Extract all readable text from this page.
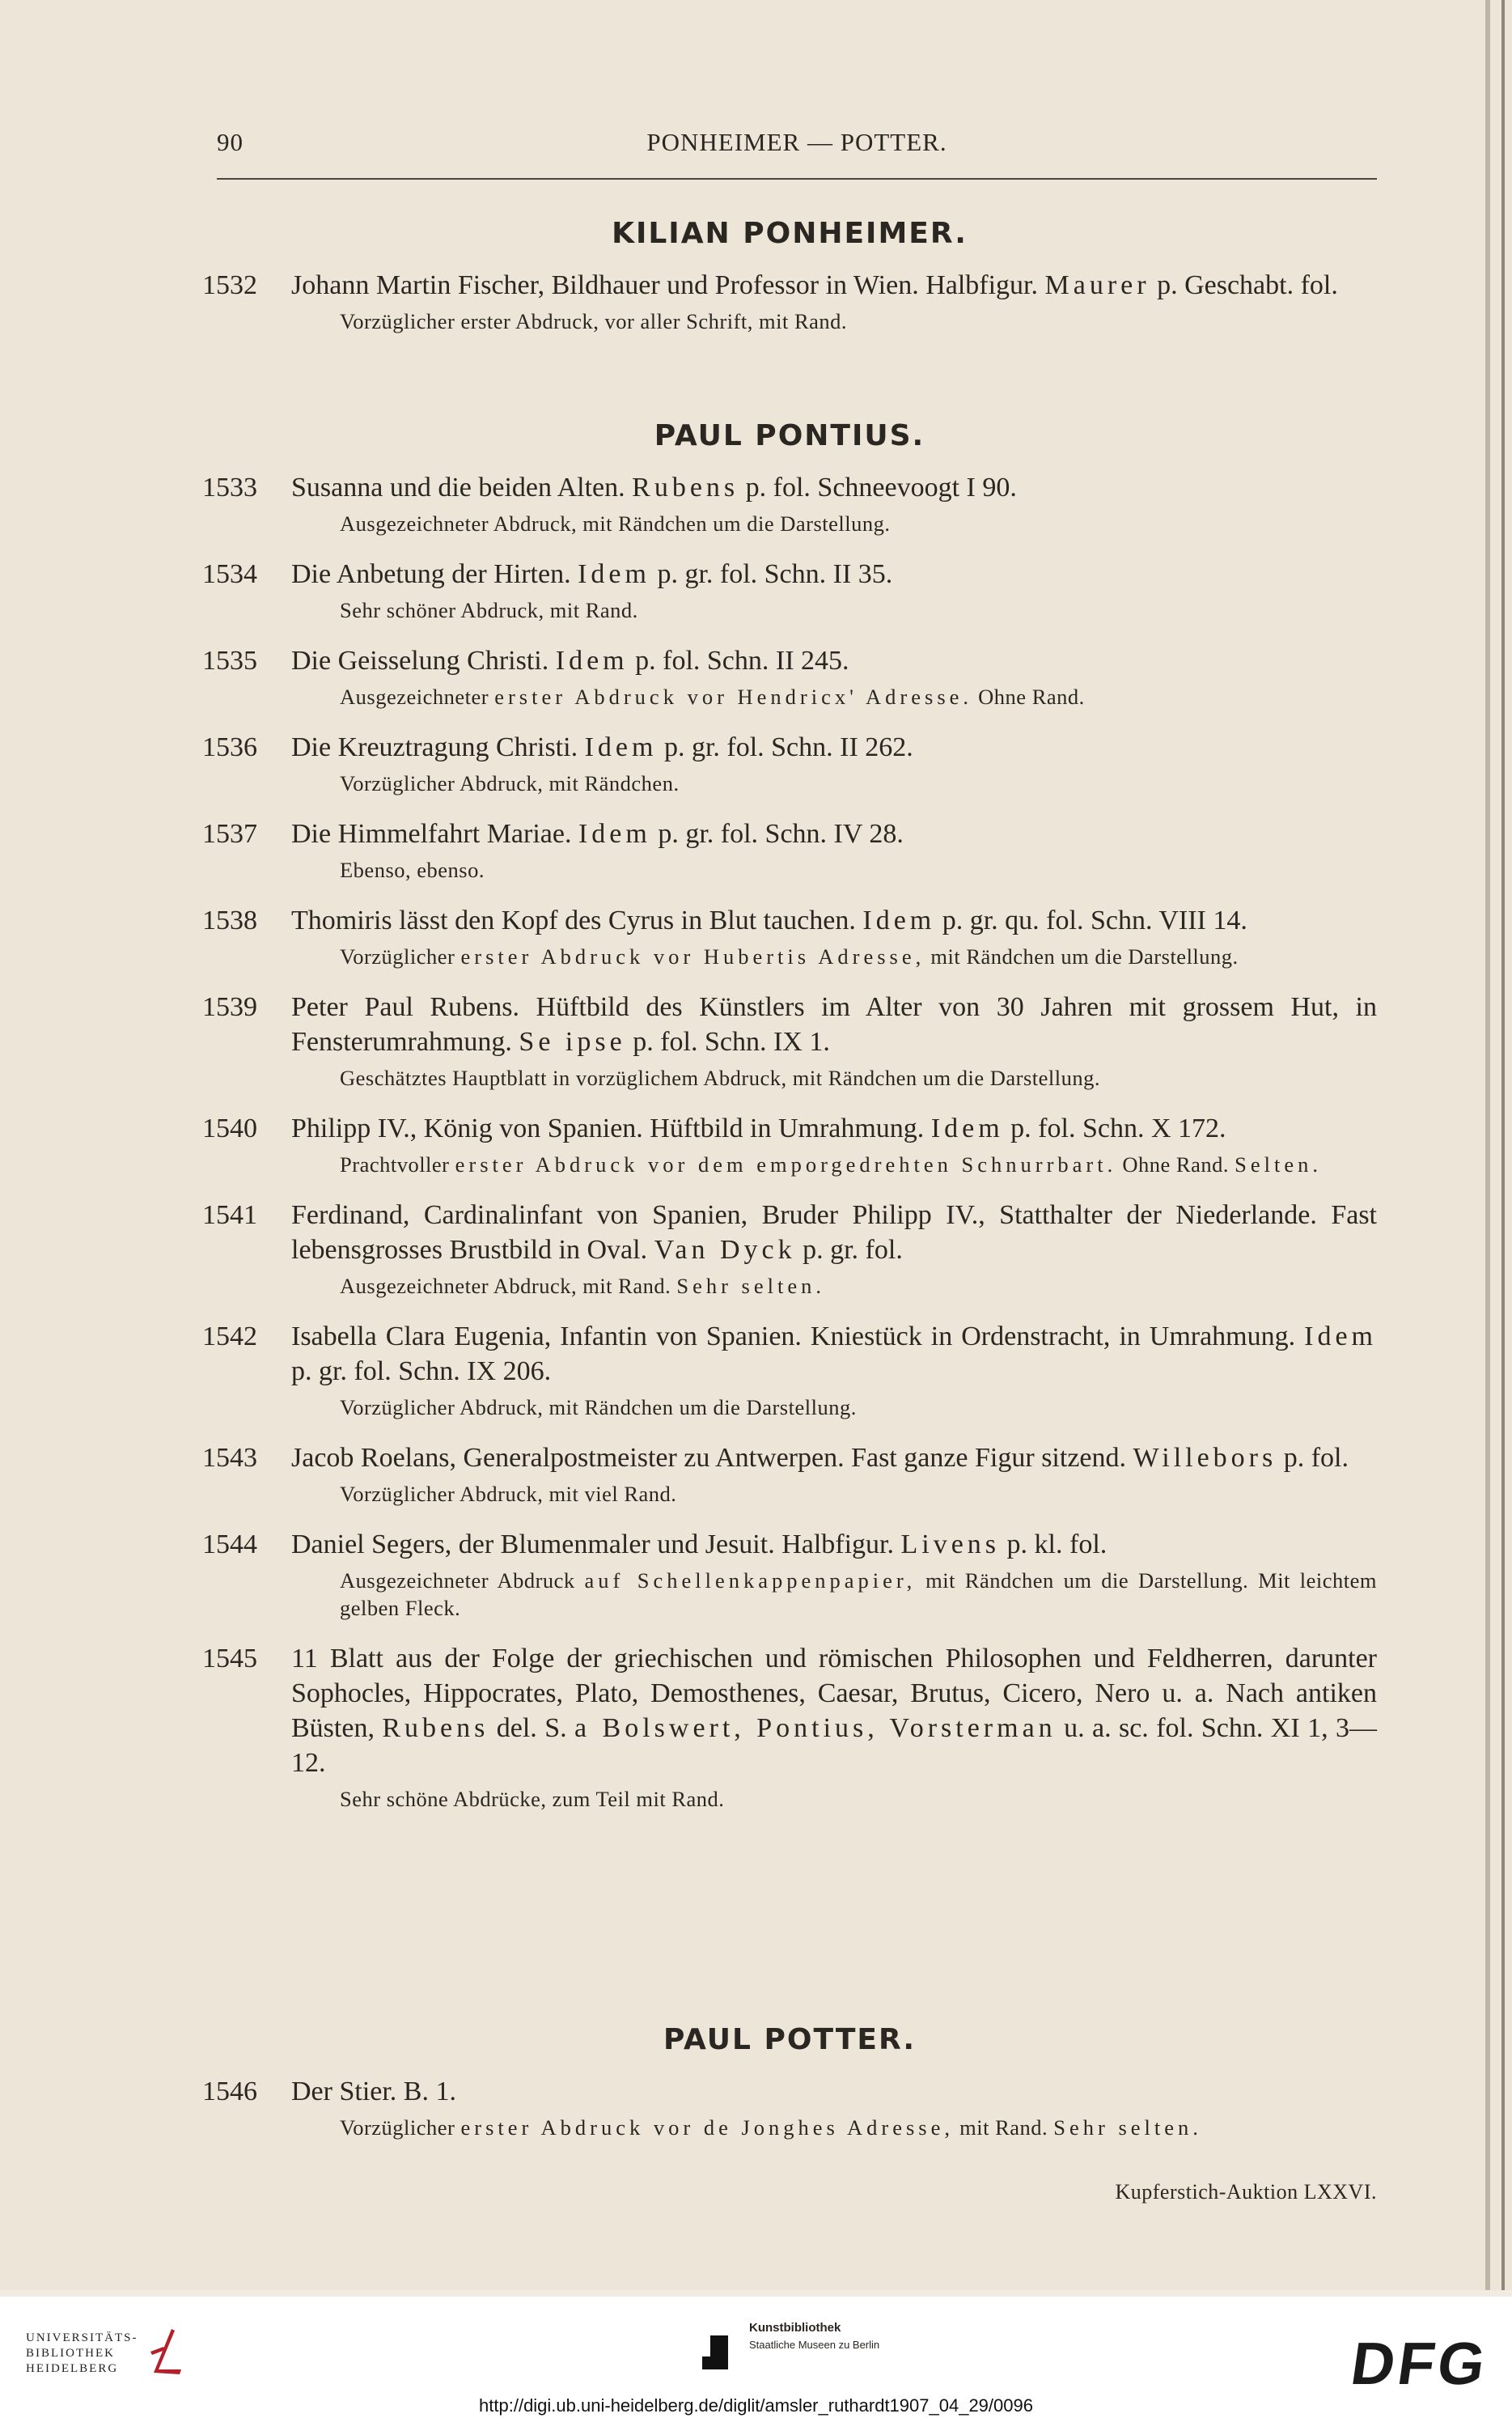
90	PONHEIMER — POTTER.
KILIAN PONHEIMER.
1532	Johann Martin Fischer, Bildhauer und Professor in Wien. Halbfigur. Maurer p. Geschabt. fol.
Vorzüglicher erster Abdruck, vor aller Schrift, mit Rand.
PAUL PONTIUS.
1533	Susanna und die beiden Alten. Rubens p. fol. Schneevoogt I 90.
Ausgezeichneter Abdruck, mit Rändchen um die Darstellung.
1534	Die Anbetung der Hirten. Idem p. gr. fol. Schn. II 35.
Sehr schöner Abdruck, mit Rand.
1535	Die Geisselung Christi. Idem p. fol. Schn. II 245.
Ausgezeichneter erster Abdruck vor Hendricx' Adresse. Ohne Rand.
1536	Die Kreuztragung Christi. Idem p. gr. fol. Schn. II 262.
Vorzüglicher Abdruck, mit Rändchen.
1537	Die Himmelfahrt Mariae. Idem p. gr. fol. Schn. IV 28.
Ebenso, ebenso.
1538	Thomiris lässt den Kopf des Cyrus in Blut tauchen. Idem p. gr. qu. fol. Schn. VIII 14.
Vorzüglicher erster Abdruck vor Hubertis Adresse, mit Rändchen um die Darstellung.
1539	Peter Paul Rubens. Hüftbild des Künstlers im Alter von 30 Jahren mit grossem Hut, in Fensterumrahmung. Se ipse p. fol. Schn. IX 1.
Geschätztes Hauptblatt in vorzüglichem Abdruck, mit Rändchen um die Darstellung.
1540	Philipp IV., König von Spanien. Hüftbild in Umrahmung. Idem p. fol. Schn. X 172.
Prachtvoller erster Abdruck vor dem emporgedrehten Schnurrbart. Ohne Rand. Selten.
1541	Ferdinand, Cardinalinfant von Spanien, Bruder Philipp IV., Statthalter der Niederlande. Fast lebensgrosses Brustbild in Oval. Van Dyck p. gr. fol.
Ausgezeichneter Abdruck, mit Rand. Sehr selten.
1542	Isabella Clara Eugenia, Infantin von Spanien. Kniestück in Ordenstracht, in Umrahmung. Idem p. gr. fol. Schn. IX 206.
Vorzüglicher Abdruck, mit Rändchen um die Darstellung.
1543	Jacob Roelans, Generalpostmeister zu Antwerpen. Fast ganze Figur sitzend. Willebors p. fol.
Vorzüglicher Abdruck, mit viel Rand.
1544	Daniel Segers, der Blumenmaler und Jesuit. Halbfigur. Livens p. kl. fol.
Ausgezeichneter Abdruck auf Schellenkappenpapier, mit Rändchen um die Darstellung. Mit leichtem gelben Fleck.
1545	11 Blatt aus der Folge der griechischen und römischen Philosophen und Feldherren, darunter Sophocles, Hippocrates, Plato, Demosthenes, Caesar, Brutus, Cicero, Nero u. a. Nach antiken Büsten, Rubens del. S. a Bolswert, Pontius, Vorsterman u. a. sc. fol. Schn. XI 1, 3—12.
Sehr schöne Abdrücke, zum Teil mit Rand.
PAUL POTTER.
1546	Der Stier. B. 1.
Vorzüglicher erster Abdruck vor de Jonghes Adresse, mit Rand. Sehr selten.
Kupferstich-Auktion LXXVI.
UNIVERSITÄTS-
BIBLIOTHEK
HEIDELBERG
Kunstbibliothek
Staatliche Museen zu Berlin	DFG
http://digi.ub.uni-heidelberg.de/diglit/amsler_ruthardt1907_04_29/0096
